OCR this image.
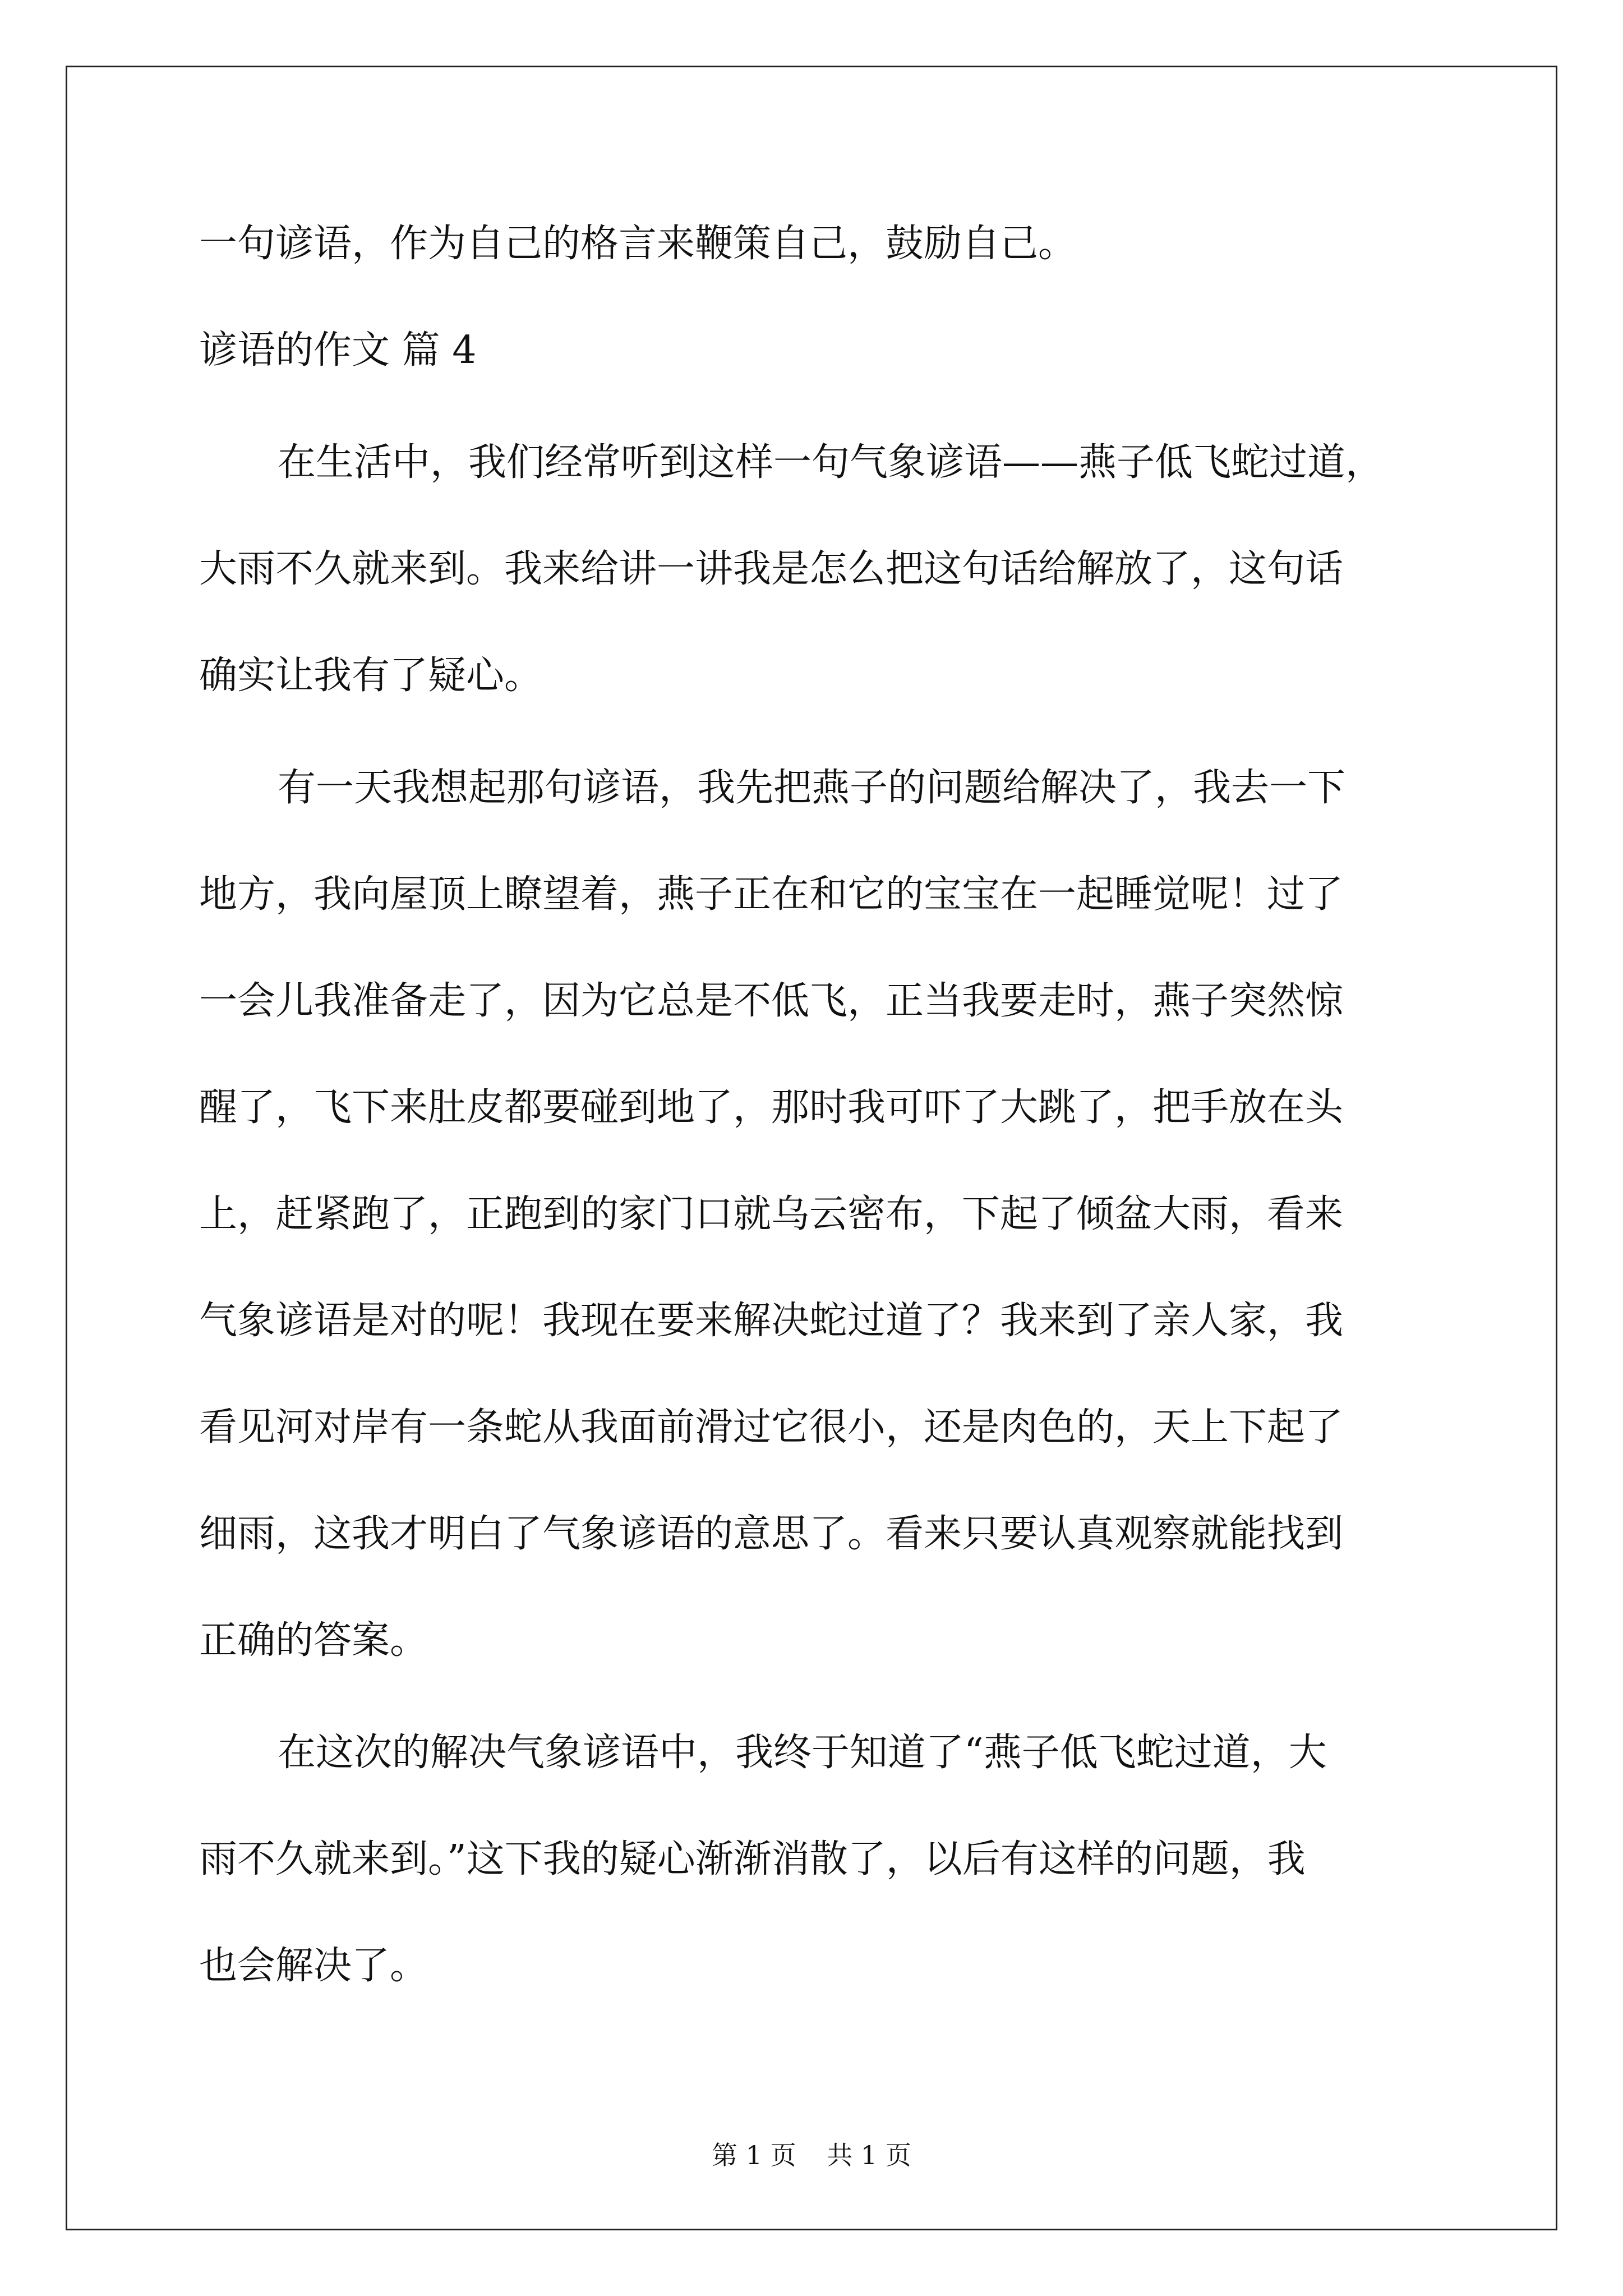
一句谚语，作为自己的格言来鞭策自己，鼓励自己。
谚语的作文 篇 4
在生活中，我们经常听到这样一句气象谚语——燕子低飞蛇过道，
大雨不久就来到。我来给讲一讲我是怎么把这句话给解放了，这句话
确实让我有了疑心。
有一天我想起那句谚语，我先把燕子的问题给解决了，我去一下
地方，我向屋顶上瞭望着，燕子正在和它的宝宝在一起睡觉呢！过了
一会儿我准备走了，因为它总是不低飞，正当我要走时，燕子突然惊
醒了，飞下来肚皮都要碰到地了，那时我可吓了大跳了，把手放在头
上，赶紧跑了，正跑到的家门口就乌云密布，下起了倾盆大雨，看来
气象谚语是对的呢！我现在要来解决蛇过道了？我来到了亲人家，我
看见河对岸有一条蛇从我面前滑过它很小，还是肉色的，天上下起了
细雨，这我才明白了气象谚语的意思了。看来只要认真观察就能找到
正确的答案。
在这次的解决气象谚语中，我终于知道了“燕子低飞蛇过道，大
雨不久就来到。”这下我的疑心渐渐消散了，以后有这样的问题，我
也会解决了。
第 1 页 共 1 页
